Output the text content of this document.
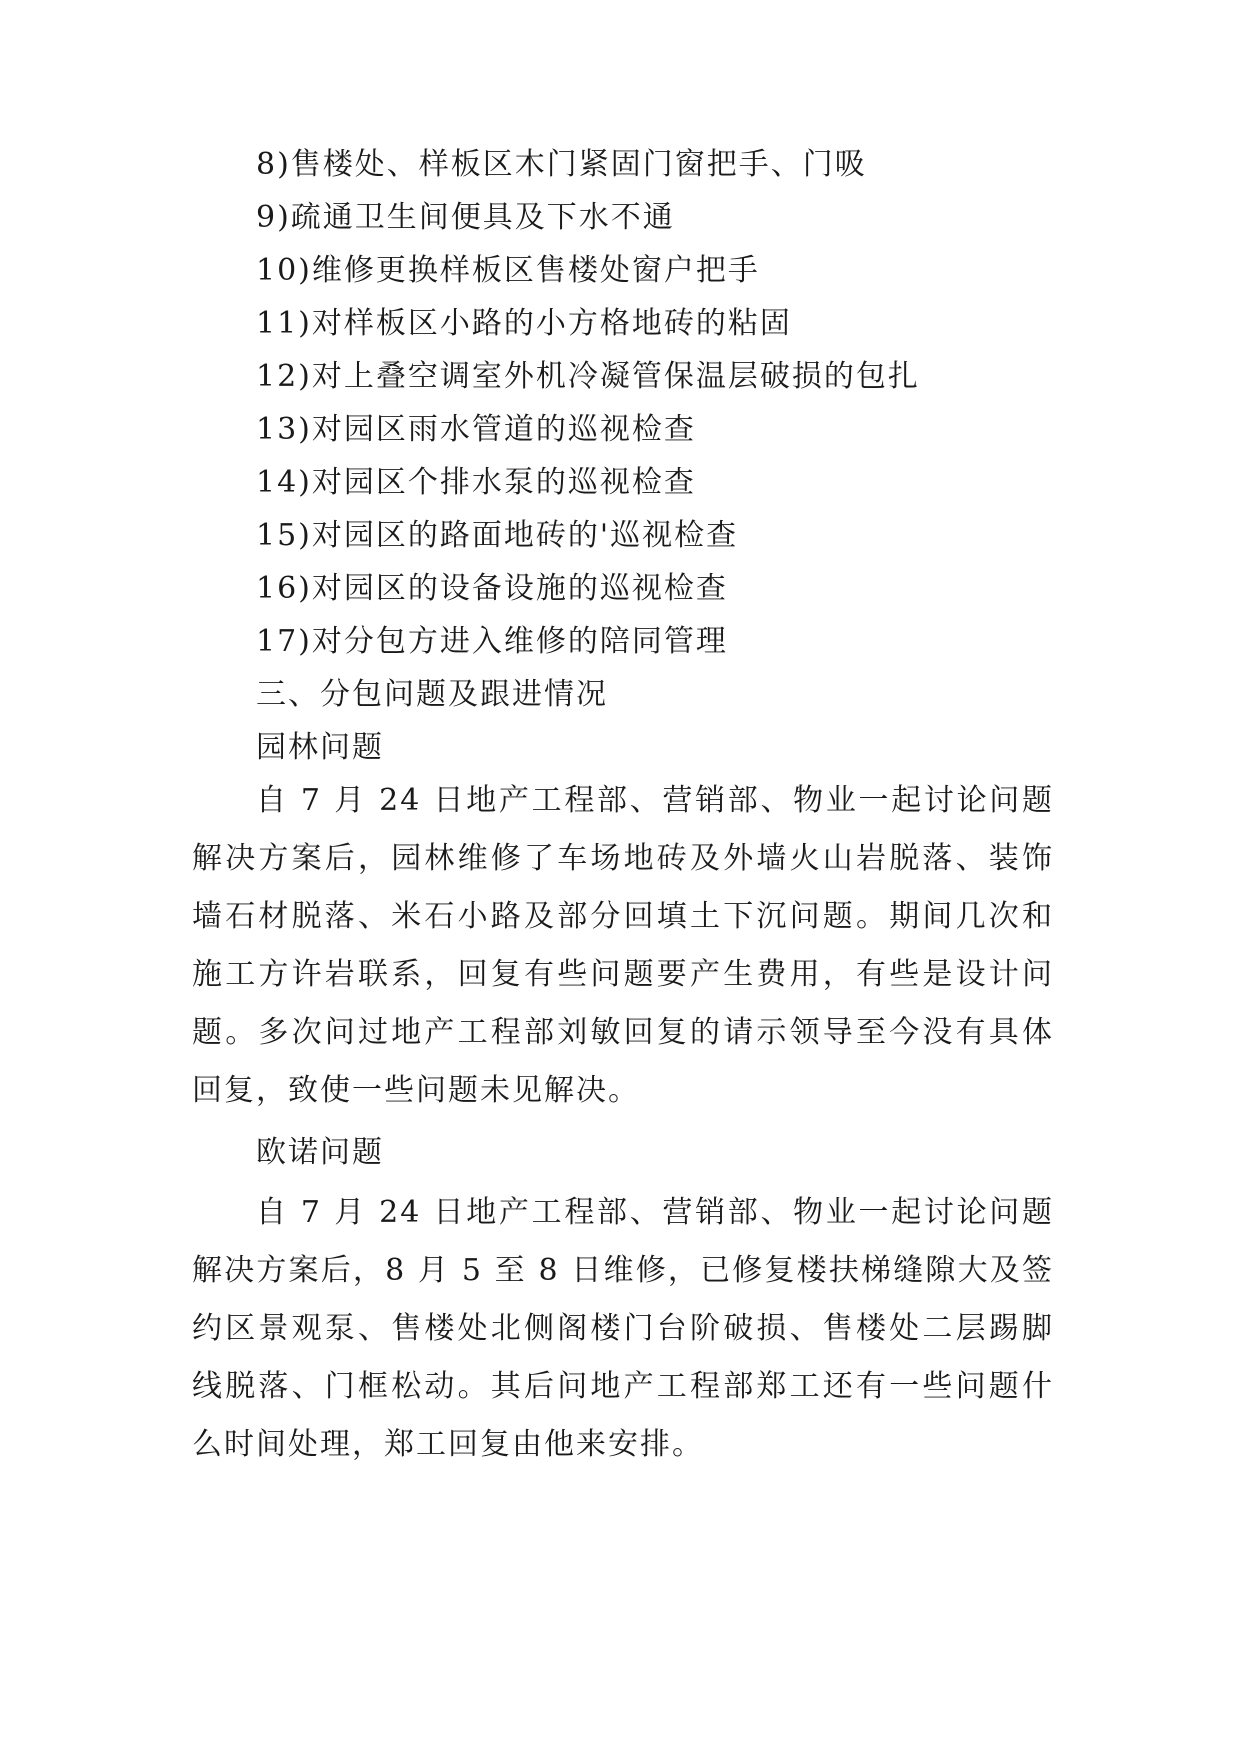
8)售楼处、样板区木门紧固门窗把手、门吸
9)疏通卫生间便具及下水不通
10)维修更换样板区售楼处窗户把手
11)对样板区小路的小方格地砖的粘固
12)对上叠空调室外机冷凝管保温层破损的包扎
13)对园区雨水管道的巡视检查
14)对园区个排水泵的巡视检查
15)对园区的路面地砖的'巡视检查
16)对园区的设备设施的巡视检查
17)对分包方进入维修的陪同管理
三、分包问题及跟进情况
园林问题
自 7 月 24 日地产工程部、营销部、物业一起讨论问题
解决方案后，园林维修了车场地砖及外墙火山岩脱落、装饰
墙石材脱落、米石小路及部分回填土下沉问题。期间几次和
施工方许岩联系，回复有些问题要产生费用，有些是设计问
题。多次问过地产工程部刘敏回复的请示领导至今没有具体
回复，致使一些问题未见解决。
欧诺问题
自 7 月 24 日地产工程部、营销部、物业一起讨论问题
解决方案后，8 月 5 至 8 日维修，已修复楼扶梯缝隙大及签
约区景观泵、售楼处北侧阁楼门台阶破损、售楼处二层踢脚
线脱落、门框松动。其后问地产工程部郑工还有一些问题什
么时间处理，郑工回复由他来安排。
